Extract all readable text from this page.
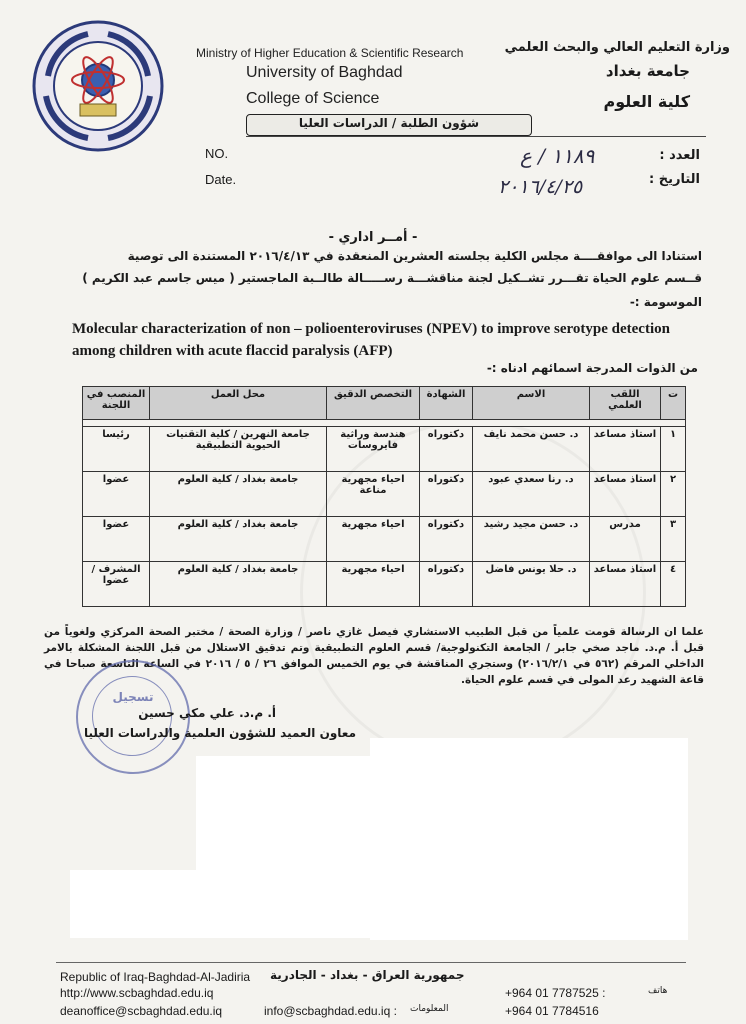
Ministry of Higher Education & Scientific Research
University of Baghdad
College of Science
وزارة التعليم العالي والبحث العلمي
جامعة بغداد
كلية العلوم
شؤون الطلبة / الدراسات العليا
NO.
Date.
العدد :
التاريخ :
١١٨٩ / ع
٢٠١٦/٤/٢٥
- أمــر اداري -
استنادا الى موافقــــة مجلس الكلية بجلسته العشرين المنعقدة في ٢٠١٦/٤/١٣ المستندة الى توصية
قــسم علوم الحياة تقـــرر تشــكيل لجنة مناقشـــة رســـــالة طالــبة الماجستير ( ميس جاسم عبد الكريم )
الموسومة :-
Molecular characterization of non – polioenteroviruses (NPEV) to improve serotype detection among children with acute flaccid paralysis (AFP)
من الذوات المدرجة اسمائهم ادناه :-
ت	اللقب العلمي	الاسم	الشهادة	التخصص الدقيق	محل العمل	المنصب في اللجنة

١	استاذ مساعد	د. حسن محمد نايف	دكتوراه	هندسة وراثية فايروسات	جامعة النهرين / كلية التقنيات الحيوية التطبيقية	رئيسا
٢	استاذ مساعد	د. رنا سعدي عبود	دكتوراه	احياء مجهرية مناعة	جامعة بغداد / كلية العلوم	عضوا
٣	مدرس	د. حسن مجيد رشيد	دكتوراه	احياء مجهرية	جامعة بغداد / كلية العلوم	عضوا
٤	استاذ مساعد	د. حلا يونس فاضل	دكتوراه	احياء مجهرية	جامعة بغداد / كلية العلوم	المشرف / عضوا
علما ان الرسالة قومت علمياً من قبل الطبيب الاستشاري فيصل غازي ناصر / وزارة الصحة / مختبر الصحة المركزي ولغوياً من قبل أ. م.د. ماجد صخي جابر / الجامعة التكنولوجية/ قسم العلوم التطبيقية وتم تدقيق الاستلال من قبل اللجنة المشكلة بالامر الداخلي المرقم (٥٦٢ في ٢٠١٦/٢/١) وستجري المناقشة في يوم الخميس الموافق ٢٦ / ٥ / ٢٠١٦ في الساعة التاسعة صباحا في قاعة الشهيد رعد المولى في قسم علوم الحياة.
تسجيل
أ. م.د. علي مكي حسين
معاون العميد للشؤون العلمية والدراسات العليا
Republic of Iraq-Baghdad-Al-Jadiria
http://www.scbaghdad.edu.iq
deanoffice@scbaghdad.edu.iq
جمهورية العراق - بغداد - الجادرية
info@scbaghdad.edu.iq : المعلومات
+964 01 7787525 :	هاتف
+964 01 7784516
